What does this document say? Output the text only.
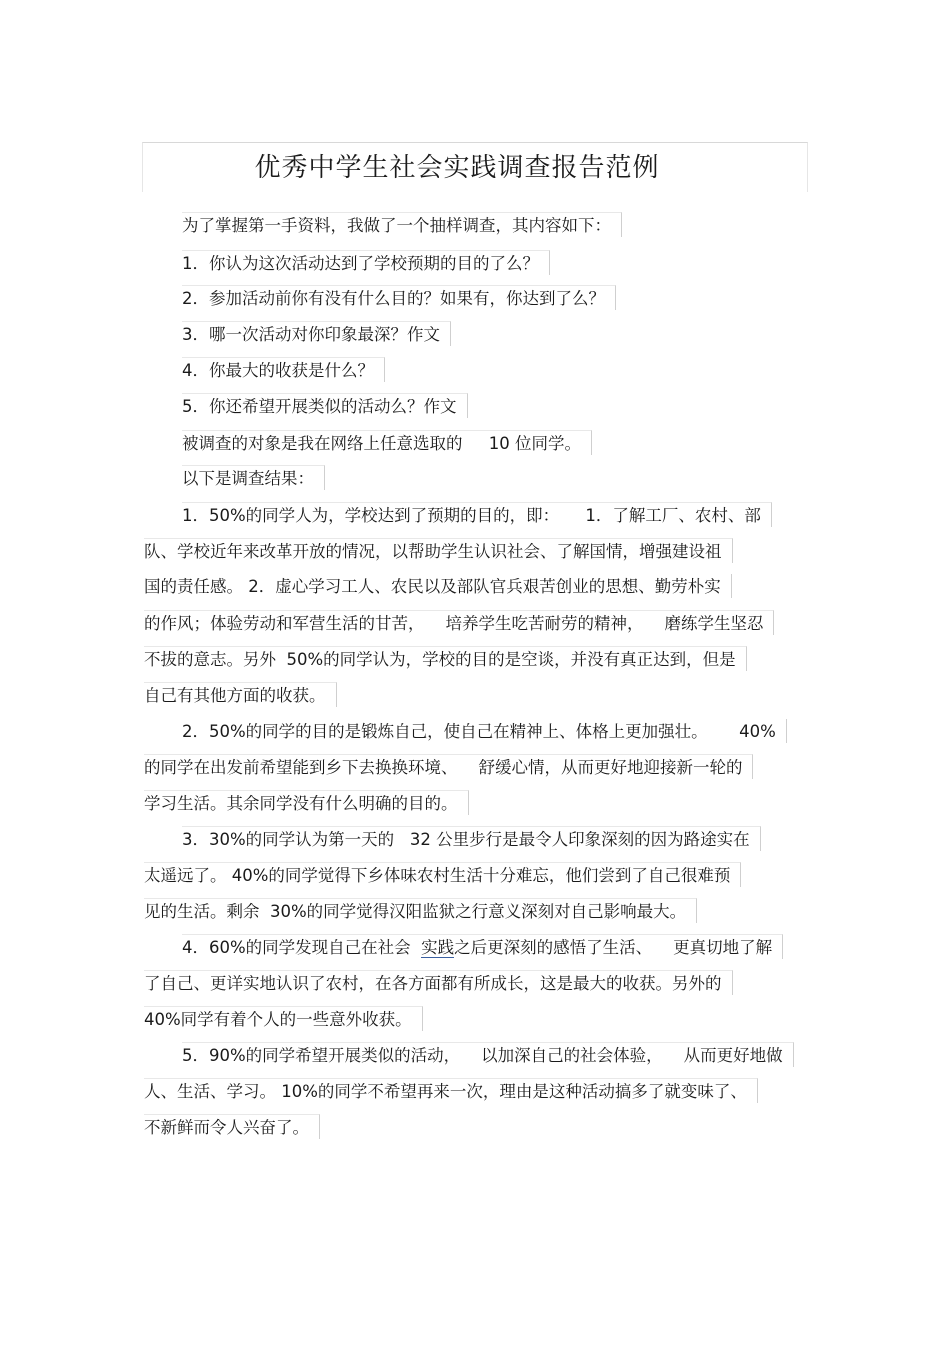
优秀中学生社会实践调查报告范例
为了掌握第一手资料，我做了一个抽样调查，其内容如下：
1．你认为这次活动达到了学校预期的目的了么？
2．参加活动前你有没有什么目的？如果有，你达到了么？
3．哪一次活动对你印象最深？作文
4．你最大的收获是什么？
5．你还希望开展类似的活动么？作文
被调查的对象是我在网络上任意选取的     10 位同学。
以下是调查结果：
1．50%的同学人为，学校达到了预期的目的，即：     1．了解工厂、农村、部
队、学校近年来改革开放的情况，以帮助学生认识社会、了解国情，增强建设祖
国的责任感。 2．虚心学习工人、农民以及部队官兵艰苦创业的思想、勤劳朴实
的作风；体验劳动和军营生活的甘苦，    培养学生吃苦耐劳的精神，    磨练学生坚忍
不拔的意志。另外  50%的同学认为，学校的目的是空谈，并没有真正达到，但是
自己有其他方面的收获。
2．50%的同学的目的是锻炼自己，使自己在精神上、体格上更加强壮。      40%
的同学在出发前希望能到乡下去换换环境、    舒缓心情，从而更好地迎接新一轮的
学习生活。其余同学没有什么明确的目的。
3．30%的同学认为第一天的   32 公里步行是最令人印象深刻的因为路途实在
太遥远了。 40%的同学觉得下乡体味农村生活十分难忘，他们尝到了自己很难预
见的生活。剩余  30%的同学觉得汉阳监狱之行意义深刻对自己影响最大。
4．60%的同学发现自己在社会  实践之后更深刻的感悟了生活、    更真切地了解
了自己、更详实地认识了农村，在各方面都有所成长，这是最大的收获。另外的
40%同学有着个人的一些意外收获。
5．90%的同学希望开展类似的活动，    以加深自己的社会体验，    从而更好地做
人、生活、学习。 10%的同学不希望再来一次，理由是这种活动搞多了就变味了、
不新鲜而令人兴奋了。
